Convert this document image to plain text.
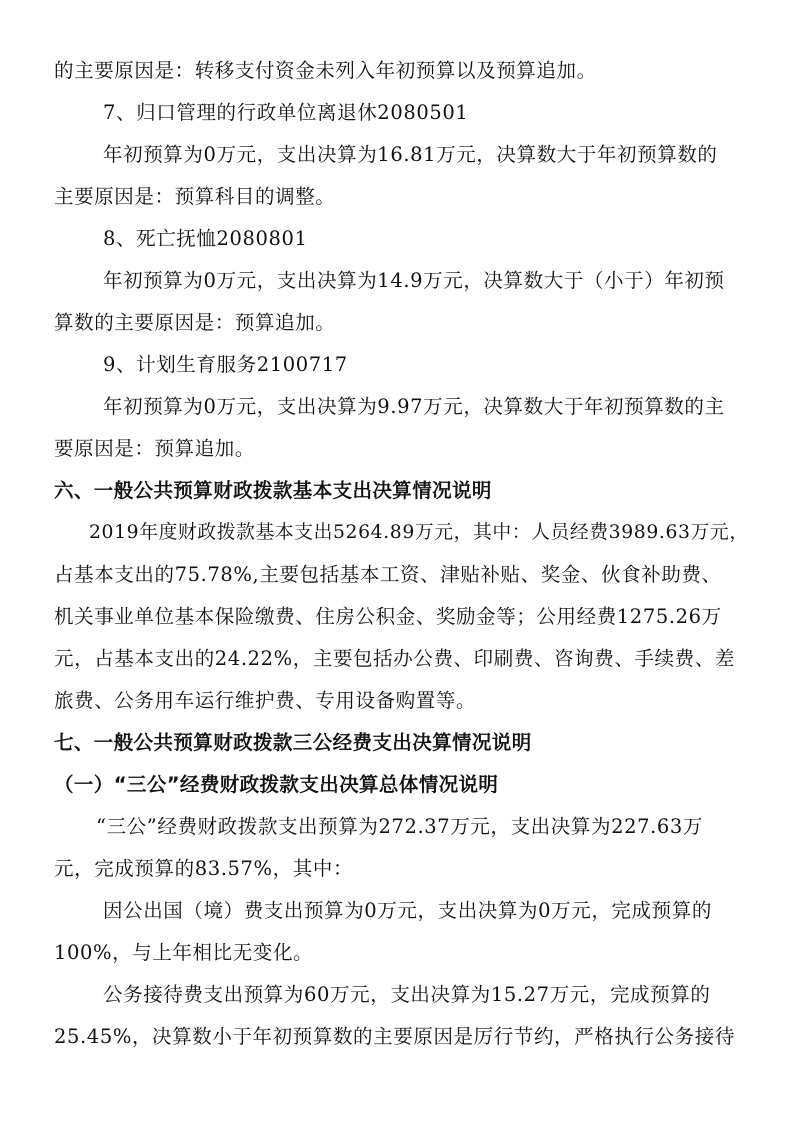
的主要原因是：转移支付资金未列入年初预算以及预算追加。
7、归口管理的行政单位离退休2080501
年初预算为0万元，支出决算为16.81万元，决算数大于年初预算数的
主要原因是：预算科目的调整。
8、死亡抚恤2080801
年初预算为0万元，支出决算为14.9万元，决算数大于（小于）年初预
算数的主要原因是：预算追加。
9、计划生育服务2100717
年初预算为0万元，支出决算为9.97万元，决算数大于年初预算数的主
要原因是：预算追加。
六、一般公共预算财政拨款基本支出决算情况说明
2019年度财政拨款基本支出5264.89万元，其中：人员经费3989.63万元，
占基本支出的75.78%,主要包括基本工资、津贴补贴、奖金、伙食补助费、
机关事业单位基本保险缴费、住房公积金、奖励金等；公用经费1275.26万
元，占基本支出的24.22%，主要包括办公费、印刷费、咨询费、手续费、差
旅费、公务用车运行维护费、专用设备购置等。
七、一般公共预算财政拨款三公经费支出决算情况说明
（一）“三公”经费财政拨款支出决算总体情况说明
“三公”经费财政拨款支出预算为272.37万元，支出决算为227.63万
元，完成预算的83.57%，其中：
因公出国（境）费支出预算为0万元，支出决算为0万元，完成预算的
100%，与上年相比无变化。
公务接待费支出预算为60万元，支出决算为15.27万元，完成预算的
25.45%，决算数小于年初预算数的主要原因是厉行节约，严格执行公务接待
